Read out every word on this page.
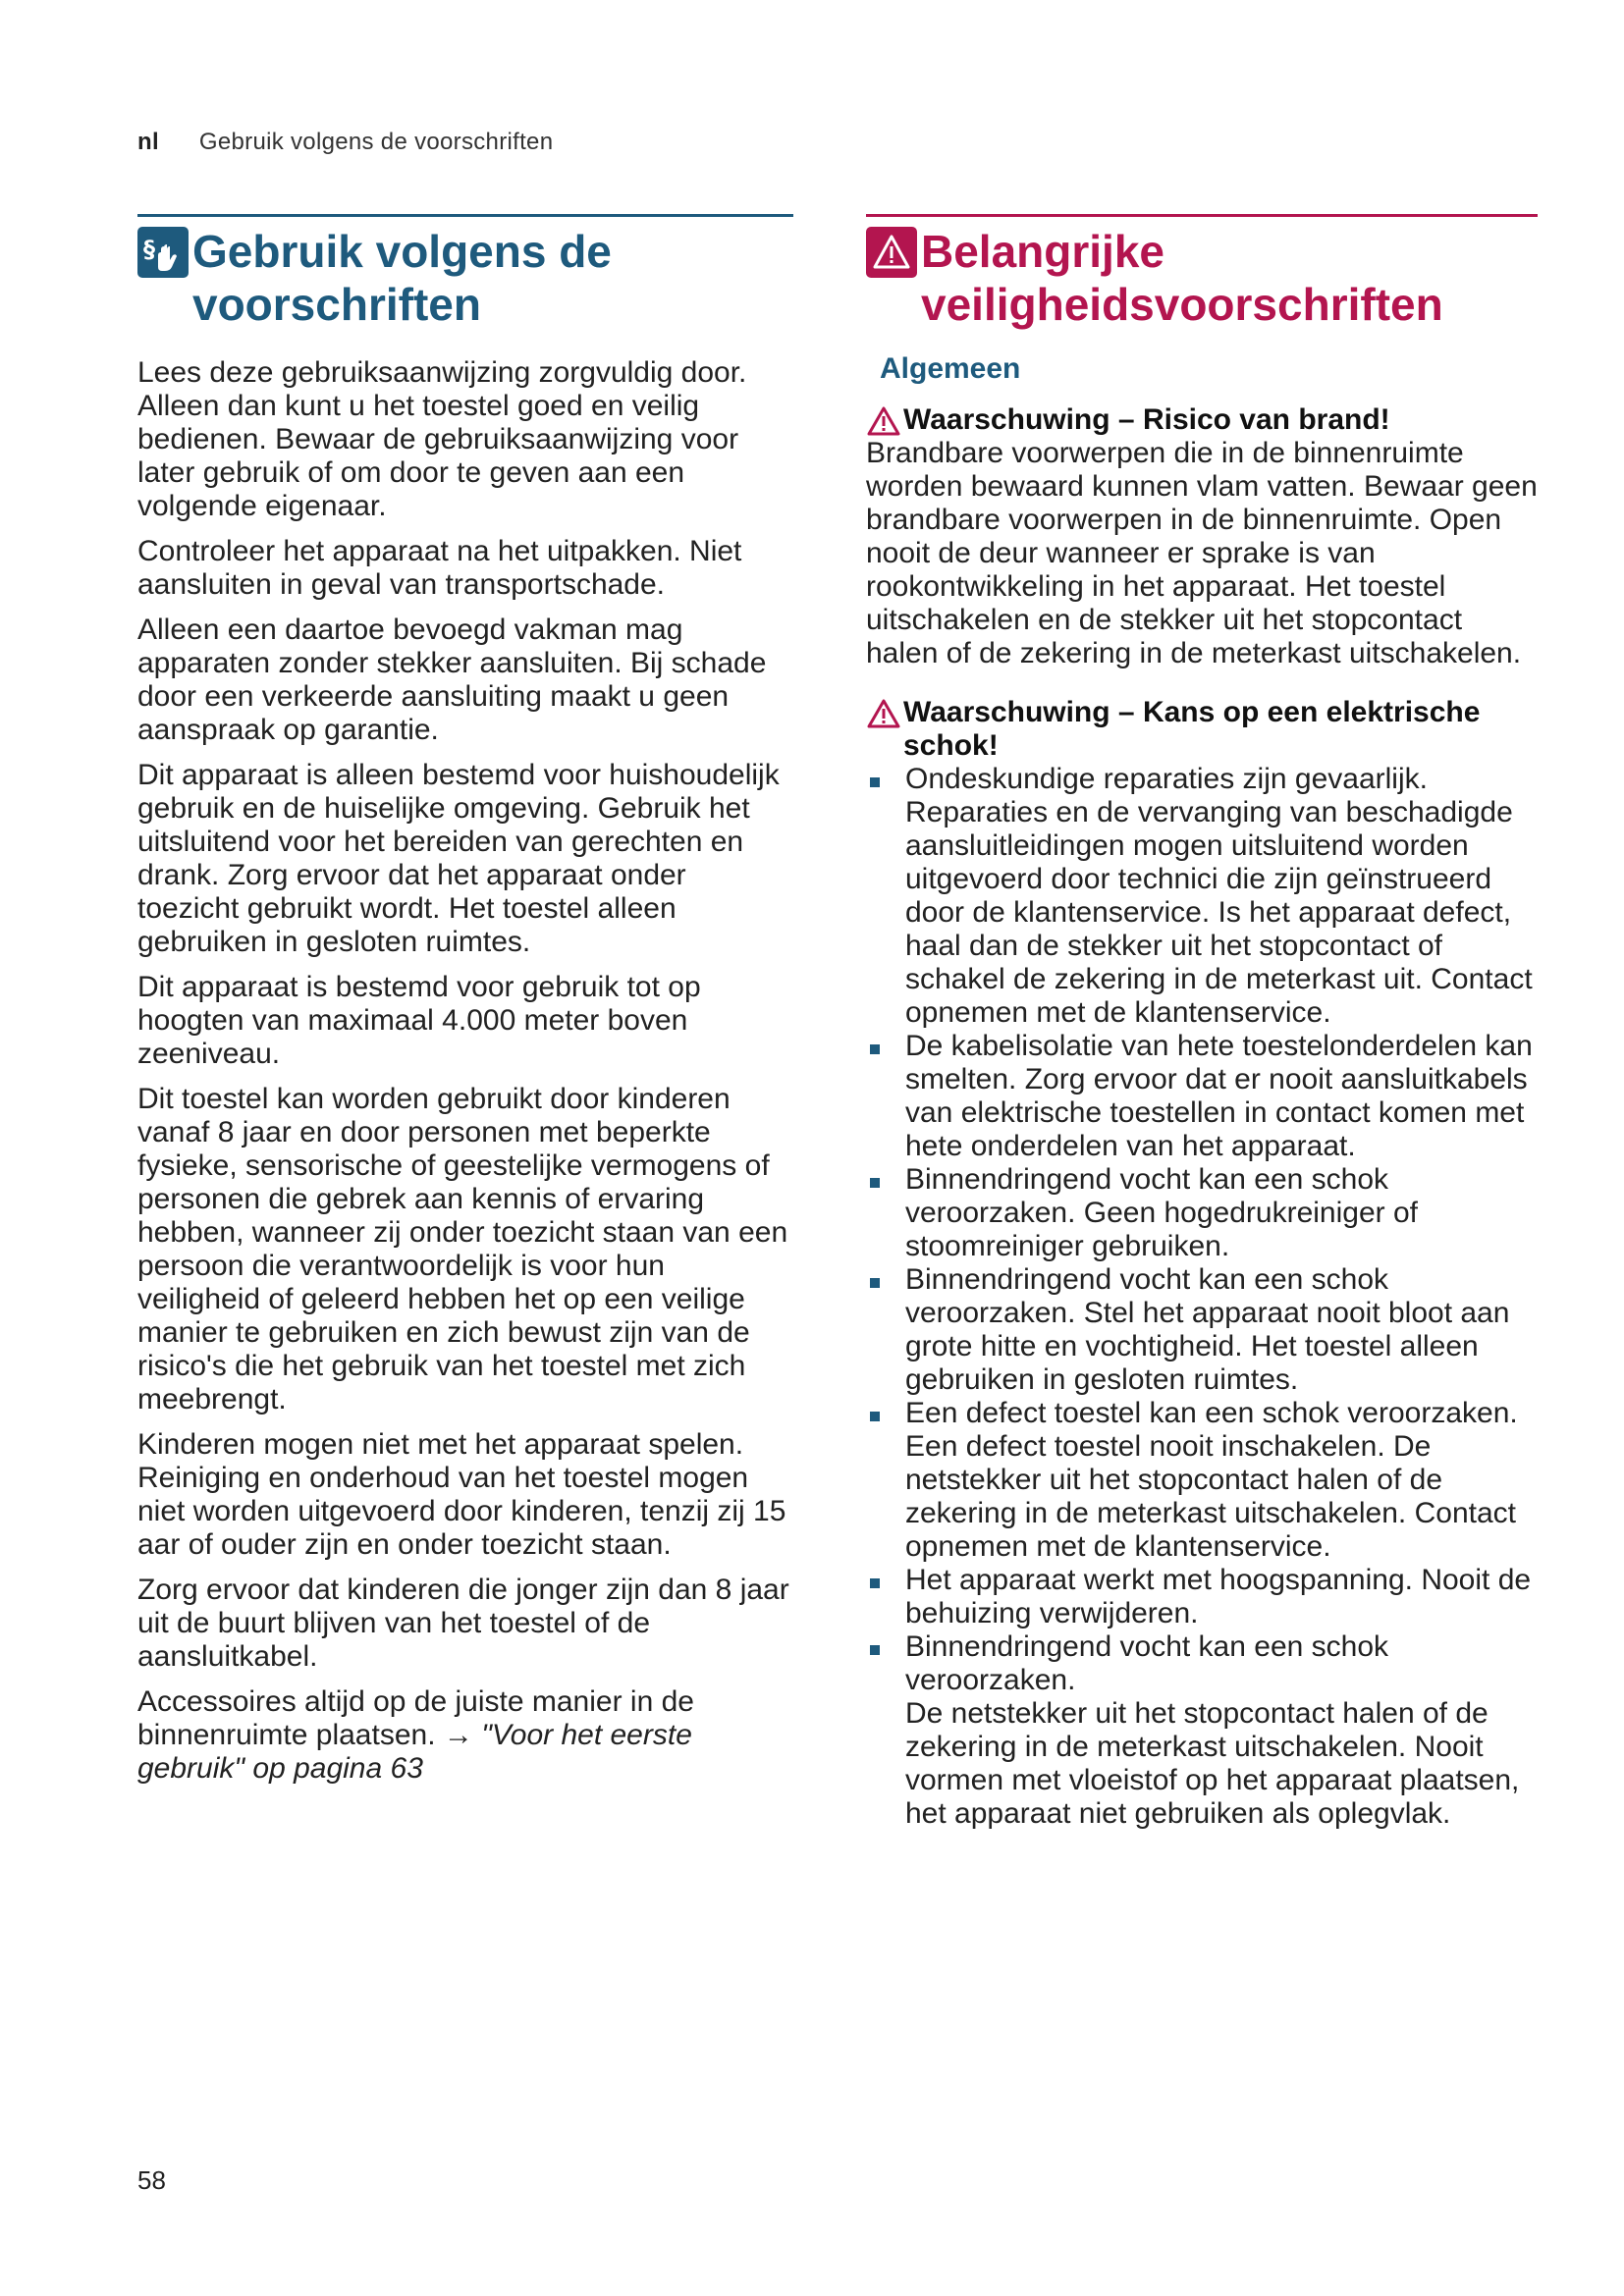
nl Gebruik volgens de voorschriften
§ Gebruik volgens de voorschriften

Lees deze gebruiksaanwijzing zorgvuldig door. Alleen dan kunt u het toestel goed en veilig bedienen. Bewaar de gebruiksaanwijzing voor later gebruik of om door te geven aan een volgende eigenaar.

Controleer het apparaat na het uitpakken. Niet aansluiten in geval van transportschade.

Alleen een daartoe bevoegd vakman mag apparaten zonder stekker aansluiten. Bij schade door een verkeerde aansluiting maakt u geen aanspraak op garantie.

Dit apparaat is alleen bestemd voor huishoudelijk gebruik en de huiselijke omgeving. Gebruik het uitsluitend voor het bereiden van gerechten en drank. Zorg ervoor dat het apparaat onder toezicht gebruikt wordt. Het toestel alleen gebruiken in gesloten ruimtes.

Dit apparaat is bestemd voor gebruik tot op hoogten van maximaal 4.000 meter boven zeeniveau.

Dit toestel kan worden gebruikt door kinderen vanaf 8 jaar en door personen met beperkte fysieke, sensorische of geestelijke vermogens of personen die gebrek aan kennis of ervaring hebben, wanneer zij onder toezicht staan van een persoon die verantwoordelijk is voor hun veiligheid of geleerd hebben het op een veilige manier te gebruiken en zich bewust zijn van de risico's die het gebruik van het toestel met zich meebrengt.

Kinderen mogen niet met het apparaat spelen. Reiniging en onderhoud van het toestel mogen niet worden uitgevoerd door kinderen, tenzij zij 15 aar of ouder zijn en onder toezicht staan.

Zorg ervoor dat kinderen die jonger zijn dan 8 jaar uit de buurt blijven van het toestel of de aansluitkabel.

Accessoires altijd op de juiste manier in de binnenruimte plaatsen. → "Voor het eerste gebruik" op pagina 63

Belangrijke veiligheidsvoorschriften
Algemeen
Waarschuwing – Risico van brand!

Brandbare voorwerpen die in de binnenruimte worden bewaard kunnen vlam vatten. Bewaar geen brandbare voorwerpen in de binnenruimte. Open nooit de deur wanneer er sprake is van rookontwikkeling in het apparaat. Het toestel uitschakelen en de stekker uit het stopcontact halen of de zekering in de meterkast uitschakelen.

Waarschuwing – Kans op een elektrische schok!
Ondeskundige reparaties zijn gevaarlijk. Reparaties en de vervanging van beschadigde aansluitleidingen mogen uitsluitend worden uitgevoerd door technici die zijn geïnstrueerd door de klantenservice. Is het apparaat defect, haal dan de stekker uit het stopcontact of schakel de zekering in de meterkast uit. Contact opnemen met de klantenservice.
De kabelisolatie van hete toestelonderdelen kan smelten. Zorg ervoor dat er nooit aansluitkabels van elektrische toestellen in contact komen met hete onderdelen van het apparaat.
Binnendringend vocht kan een schok veroorzaken. Geen hogedrukreiniger of stoomreiniger gebruiken.
Binnendringend vocht kan een schok veroorzaken. Stel het apparaat nooit bloot aan grote hitte en vochtigheid. Het toestel alleen gebruiken in gesloten ruimtes.
Een defect toestel kan een schok veroorzaken. Een defect toestel nooit inschakelen. De netstekker uit het stopcontact halen of de zekering in de meterkast uitschakelen. Contact opnemen met de klantenservice.
Het apparaat werkt met hoogspanning. Nooit de behuizing verwijderen.
Binnendringend vocht kan een schok veroorzaken.
De netstekker uit het stopcontact halen of de zekering in de meterkast uitschakelen. Nooit vormen met vloeistof op het apparaat plaatsen, het apparaat niet gebruiken als oplegvlak.
58
